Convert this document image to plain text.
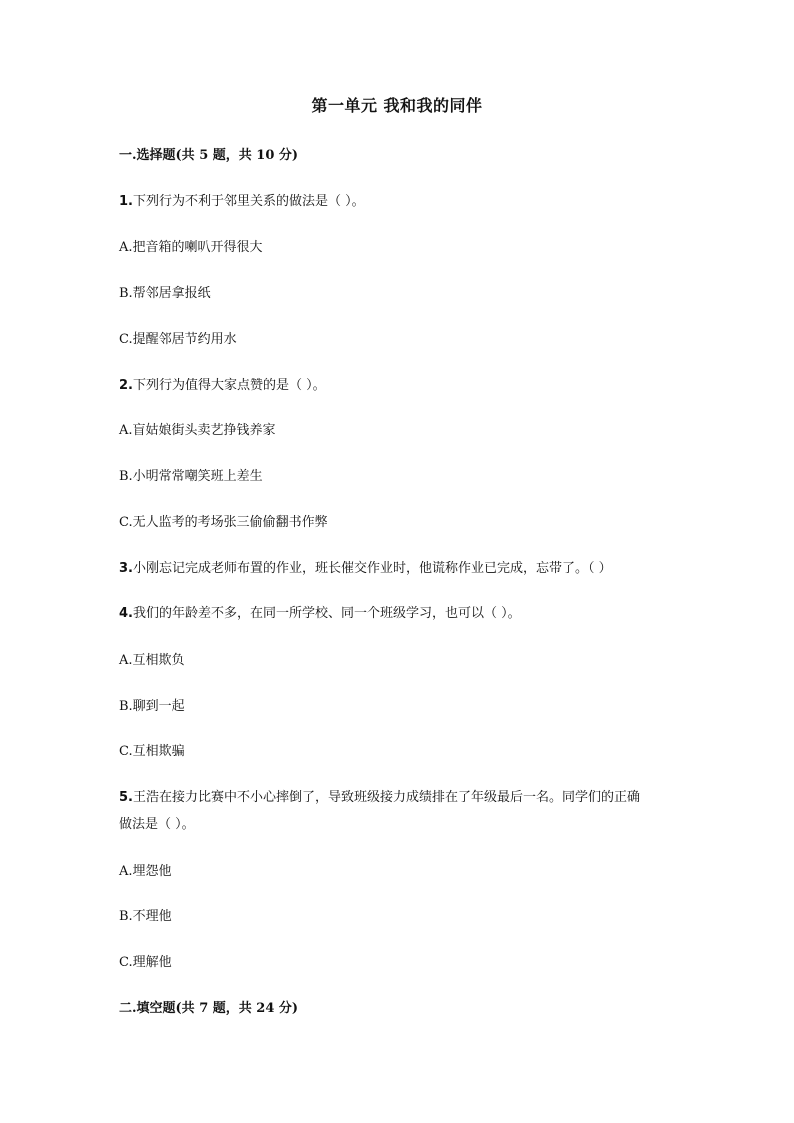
第一单元 我和我的同伴
一.选择题(共 5 题，共 10 分)
1.下列行为不利于邻里关系的做法是（ ）。
A.把音箱的喇叭开得很大
B.帮邻居拿报纸
C.提醒邻居节约用水
2.下列行为值得大家点赞的是（ ）。
A.盲姑娘街头卖艺挣钱养家
B.小明常常嘲笑班上差生
C.无人监考的考场张三偷偷翻书作弊
3.小刚忘记完成老师布置的作业，班长催交作业时，他谎称作业已完成，忘带了。（ ）
4.我们的年龄差不多，在同一所学校、同一个班级学习，也可以（ ）。
A.互相欺负
B.聊到一起
C.互相欺骗
5.王浩在接力比赛中不小心摔倒了，导致班级接力成绩排在了年级最后一名。同学们的正确
做法是（ ）。
A.埋怨他
B.不理他
C.理解他
二.填空题(共 7 题，共 24 分)
